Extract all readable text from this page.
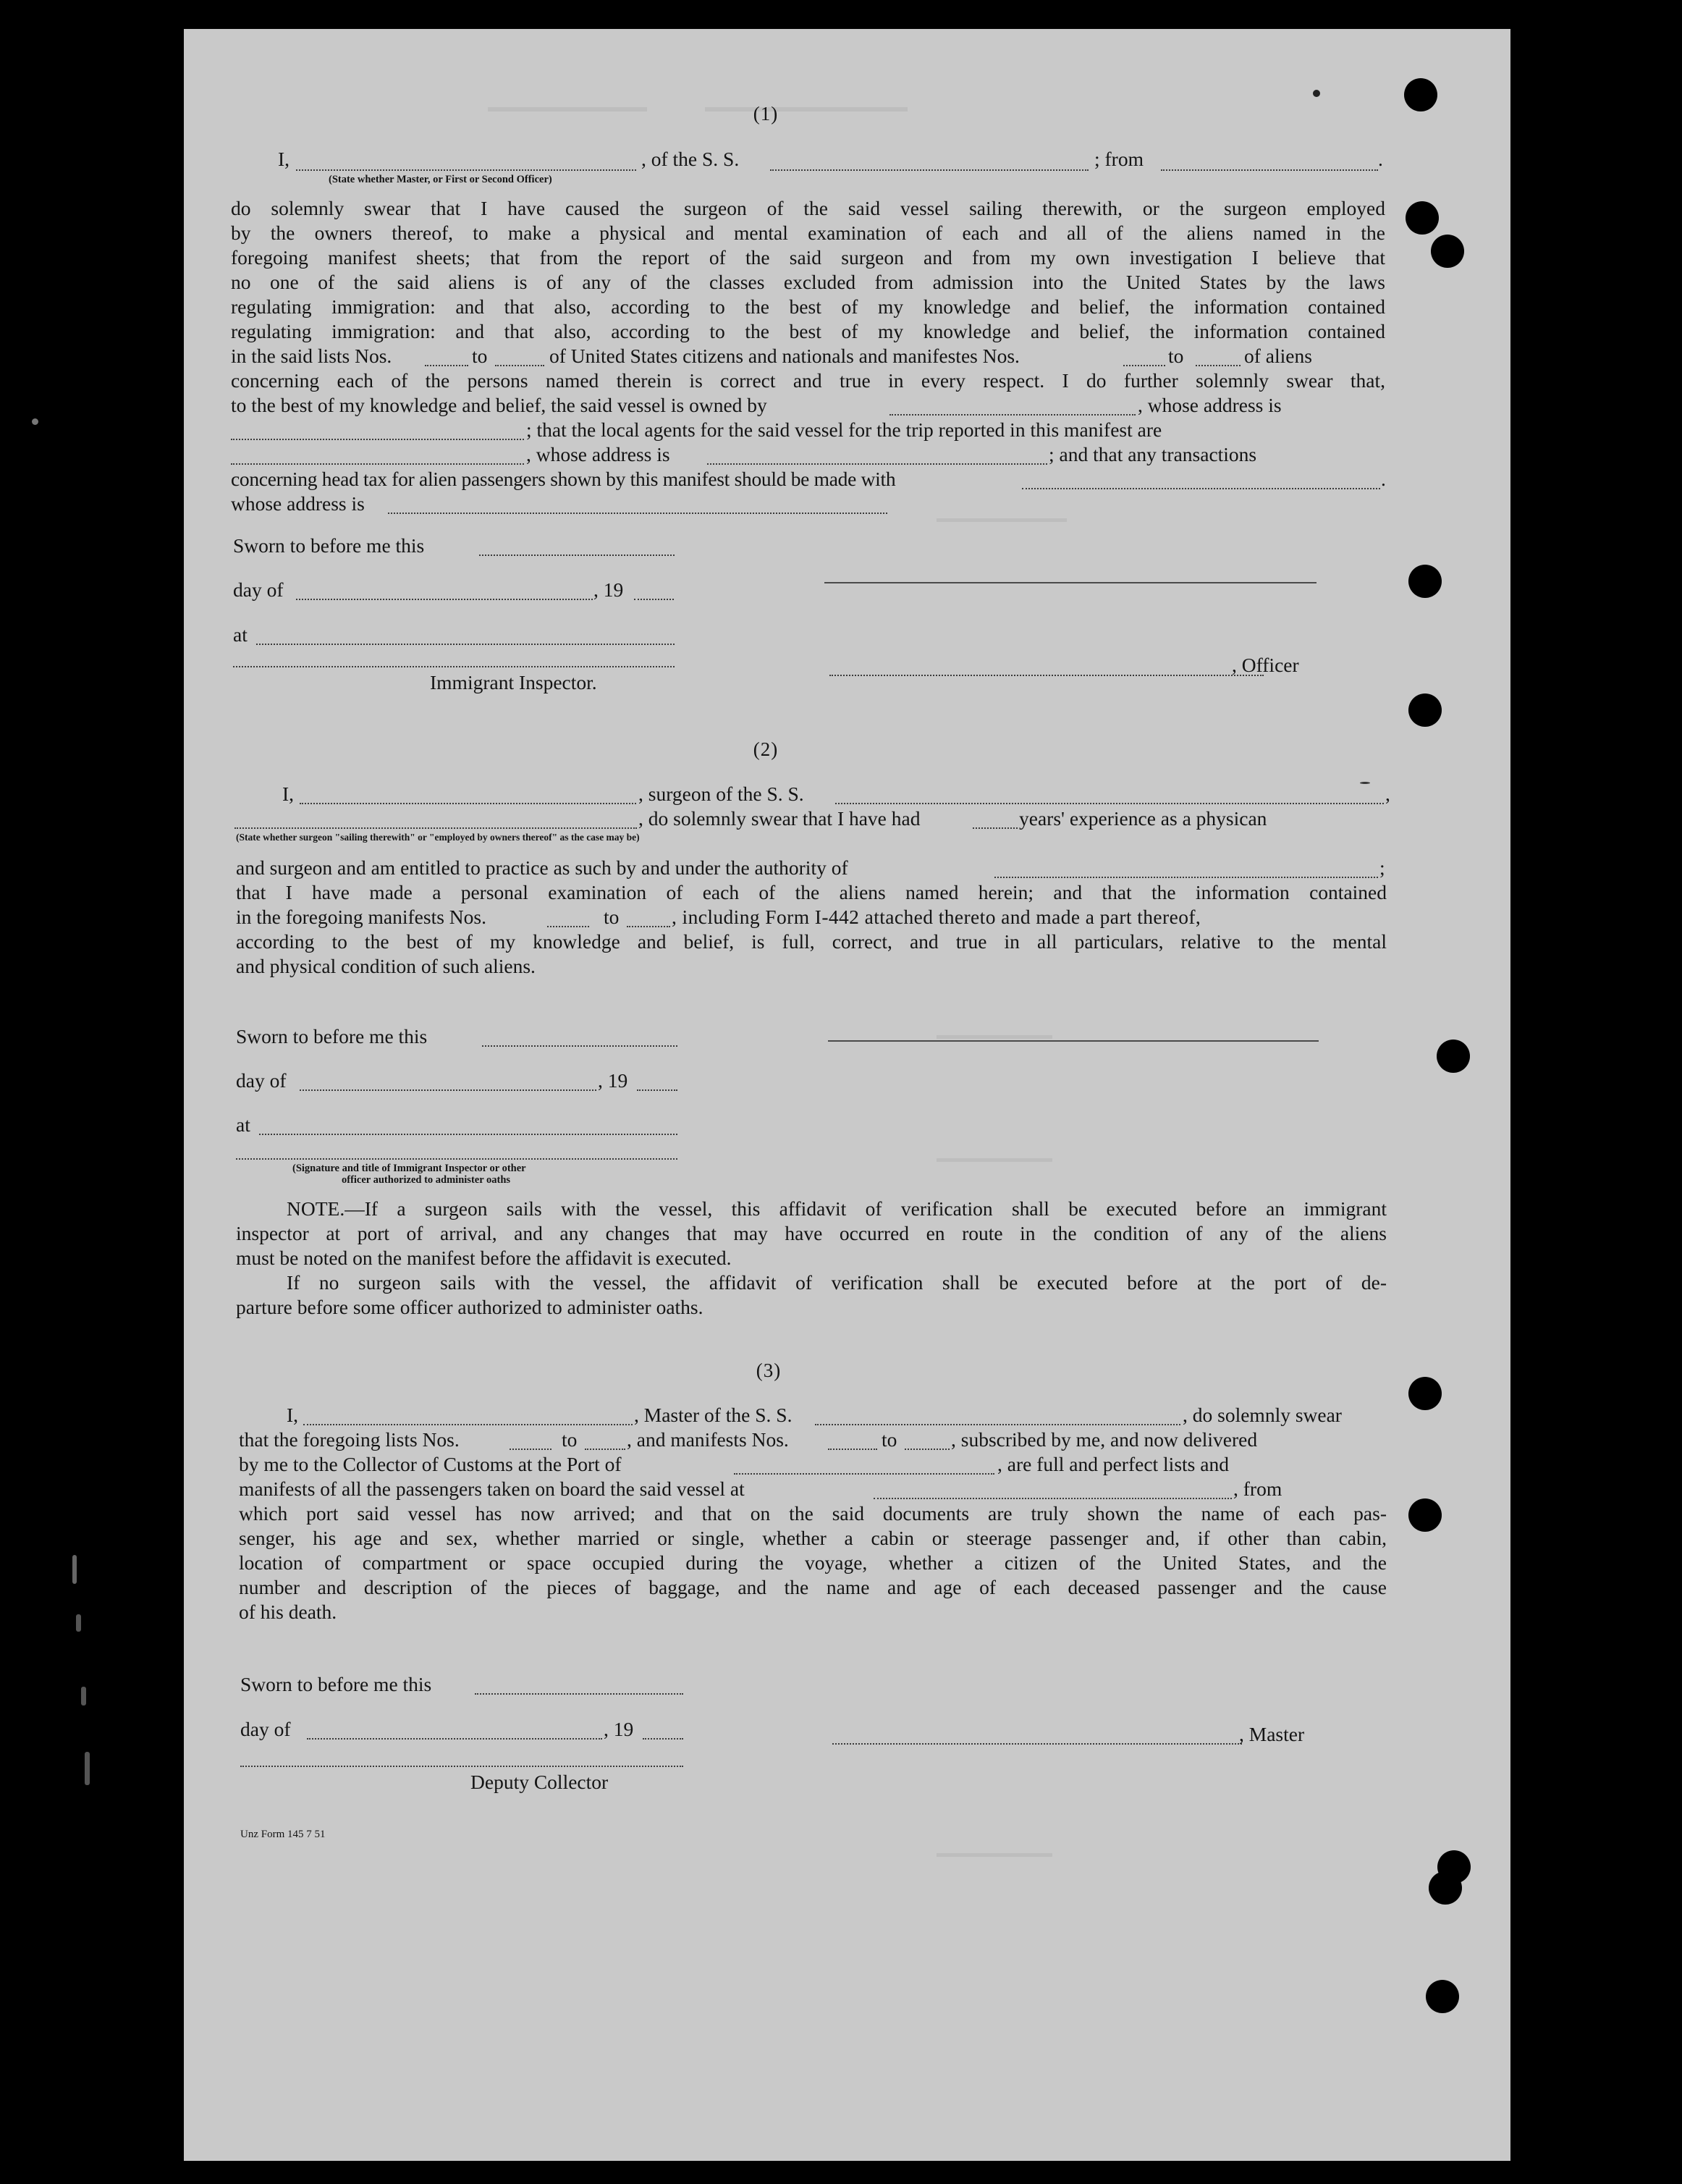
(1)
I,	, of the S. S.	; from	.
(State whether Master, or First or Second Officer)
do solemnly swear that I have caused the surgeon of the said vessel sailing therewith, or the surgeon employed
by the owners thereof, to make a physical and mental examination of each and all of the aliens named in the
foregoing manifest sheets; that from the report of the said surgeon and from my own investigation I believe that
no one of the said aliens is of any of the classes excluded from admission into the United States by the laws
regulating immigration: and that also, according to the best of my knowledge and belief, the information contained
in the said lists Nos.	to	of United States citizens and nationals and manifestes Nos.	to	of aliens
regulating immigration: and that also, according to the best of my knowledge and belief, the information contained
concerning each of the persons named therein is correct and true in every respect. I do further solemnly swear that,
to the best of my knowledge and belief, the said vessel is owned by	, whose address is
; that the local agents for the said vessel for the trip reported in this manifest are
, whose address is	; and that any transactions
concerning head tax for alien passengers shown by this manifest should be made with	.
whose address is
Sworn to before me this
day of	, 19
at
, Officer
Immigrant Inspector.
(2)
I,	, surgeon of the S. S.	,
, do solemnly swear that I have had	years' experience as a physican
(State whether surgeon "sailing therewith" or "employed by owners thereof" as the case may be)
and surgeon and am entitled to practice as such by and under the authority of	;
that I have made a personal examination of each of the aliens named herein; and that the information contained
in the foregoing manifests Nos.	to	, including Form I-442 attached thereto and made a part thereof,
according to the best of my knowledge and belief, is full, correct, and true in all particulars, relative to the mental
and physical condition of such aliens.
Sworn to before me this
day of	, 19
at
(Signature and title of Immigrant Inspector or other
officer authorized to administer oaths
NOTE.—If a surgeon sails with the vessel, this affidavit of verification shall be executed before an immigrant
inspector at port of arrival, and any changes that may have occurred en route in the condition of any of the aliens
must be noted on the manifest before the affidavit is executed.
If no surgeon sails with the vessel, the affidavit of verification shall be executed before at the port of de-
parture before some officer authorized to administer oaths.
(3)
I,	, Master of the S. S.	, do solemnly swear
that the foregoing lists Nos.	to , and manifests Nos.	to	, subscribed by me, and now delivered
by me to the Collector of Customs at the Port of	, are full and perfect lists and
manifests of all the passengers taken on board the said vessel at	, from
which port said vessel has now arrived; and that on the said documents are truly shown the name of each pas-
senger, his age and sex, whether married or single, whether a cabin or steerage passenger and, if other than cabin,
location of compartment or space occupied during the voyage, whether a citizen of the United States, and the
number and description of the pieces of baggage, and the name and age of each deceased passenger and the cause
of his death.
Sworn to before me this
day of	, 19	, Master
Deputy Collector
Unz Form 145 7 51
